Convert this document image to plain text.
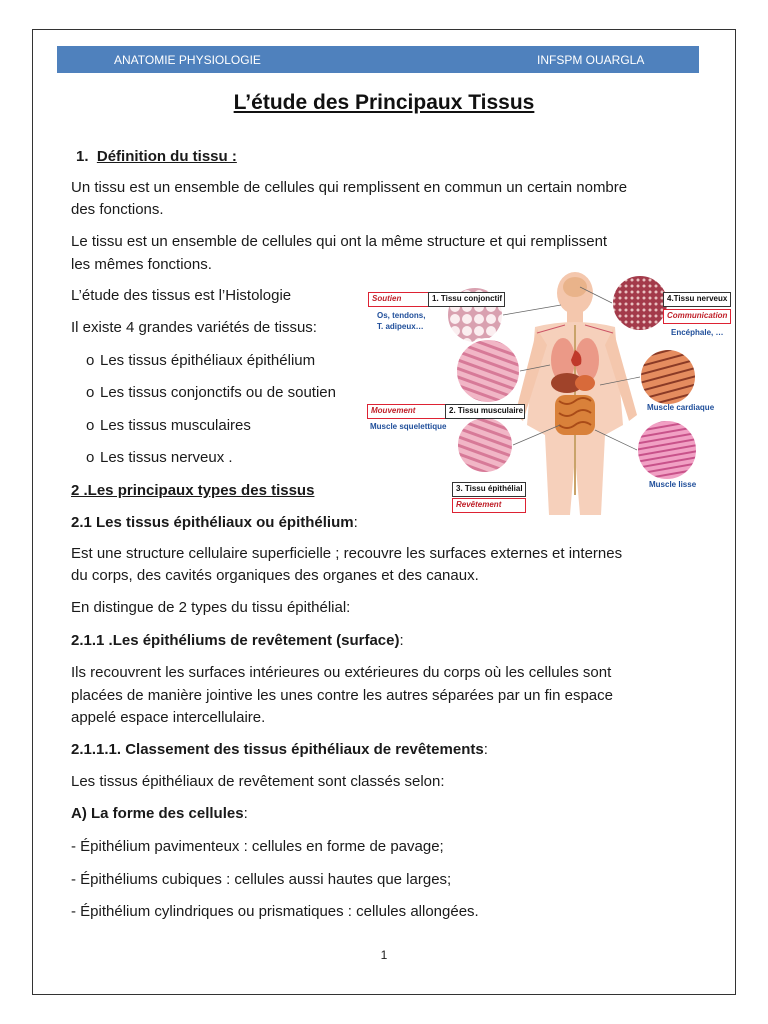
ANATOMIE PHYSIOLOGIE	INFSPM OUARGLA
L’étude des Principaux Tissus
1. Définition du tissu :
Un tissu est un ensemble de cellules qui remplissent en commun un certain nombre
des fonctions.
Le tissu est un ensemble de cellules qui ont la même structure et qui remplissent
les mêmes fonctions.
L’étude des tissus est l’Histologie
Il existe 4 grandes variétés de tissus:
o Les tissus épithéliaux épithélium
o Les tissus conjonctifs ou de soutien
o Les tissus musculaires
o Les tissus nerveux .
Soutien	1. Tissu conjonctif
Os, tendons,
T. adipeux…
4.Tissu nerveux
Communication
Encéphale, …
Mouvement	2. Tissu musculaire
Muscle squelettique
Muscle cardiaque
Muscle lisse
3. Tissu épithélial
Revêtement
2 .Les principaux types des tissus
2.1 Les tissus épithéliaux ou épithélium:
Est une structure cellulaire superficielle ; recouvre les surfaces externes et internes
du corps, des cavités organiques des organes et des canaux.
En distingue de 2 types du tissu épithélial:
2.1.1 .Les épithéliums de revêtement (surface):
Ils recouvrent les surfaces intérieures ou extérieures du corps où les cellules sont
placées de manière jointive les unes contre les autres séparées par un fin espace
appelé espace intercellulaire.
2.1.1.1. Classement des tissus épithéliaux de revêtements:
Les tissus épithéliaux de revêtement sont classés selon:
A) La forme des cellules:
- Épithélium pavimenteux : cellules en forme de pavage;
- Épithéliums cubiques : cellules aussi hautes que larges;
- Épithélium cylindriques ou prismatiques : cellules allongées.
1
